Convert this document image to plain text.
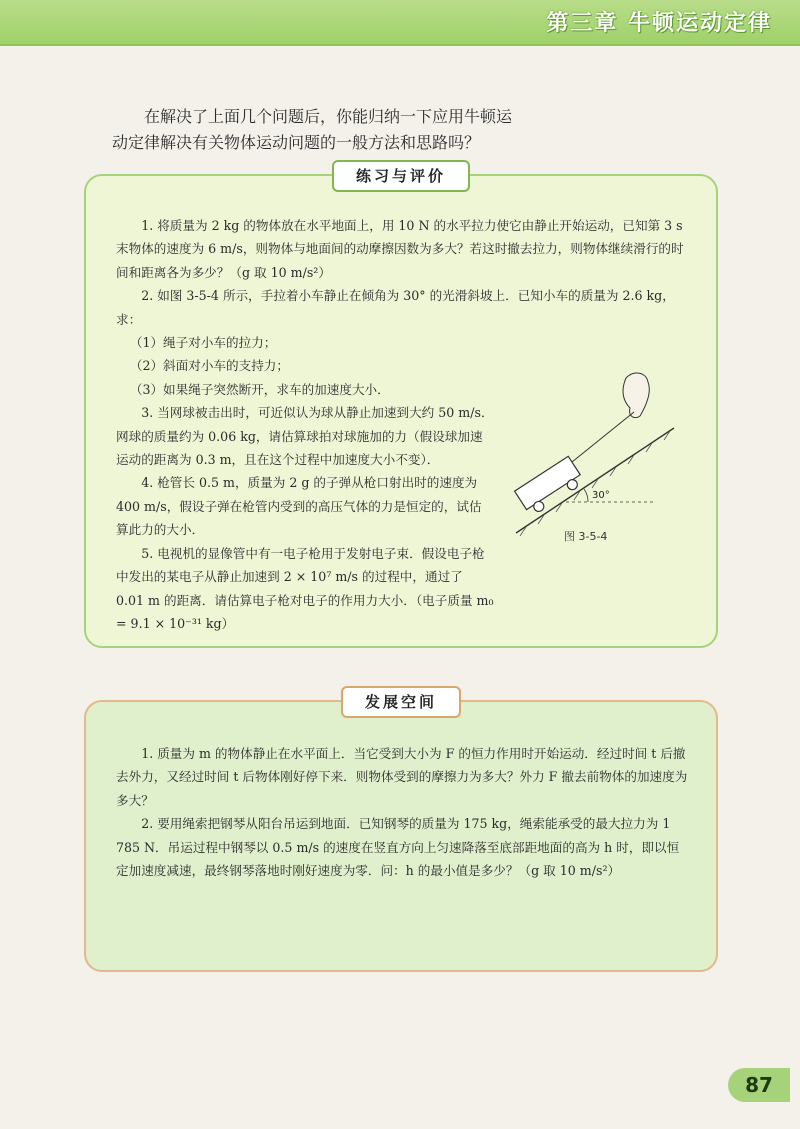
第三章 牛顿运动定律

在解决了上面几个问题后，你能归纳一下应用牛顿运

动定律解决有关物体运动问题的一般方法和思路吗？
练习与评价

1. 将质量为 2 kg 的物体放在水平地面上，用 10 N 的水平拉力使它由静止开始运动，已知第 3 s 末物体的速度为 6 m/s，则物体与地面间的动摩擦因数为多大？若这时撤去拉力，则物体继续滑行的时间和距离各为多少？（g 取 10 m/s²）

2. 如图 3-5-4 所示，手拉着小车静止在倾角为 30° 的光滑斜坡上．已知小车的质量为 2.6 kg，求：

（1）绳子对小车的拉力；

（2）斜面对小车的支持力；

（3）如果绳子突然断开，求车的加速度大小．

3. 当网球被击出时，可近似认为球从静止加速到大约 50 m/s．网球的质量约为 0.06 kg，请估算球拍对球施加的力（假设球加速运动的距离为 0.3 m，且在这个过程中加速度大小不变）．

4. 枪管长 0.5 m，质量为 2 g 的子弹从枪口射出时的速度为400 m/s，假设子弹在枪管内受到的高压气体的力是恒定的，试估算此力的大小．

5. 电视机的显像管中有一电子枪用于发射电子束．假设电子枪中发出的某电子从静止加速到 2 × 10⁷ m/s 的过程中，通过了 0.01 m 的距离．请估算电子枪对电子的作用力大小．（电子质量 m₀ = 9.1 × 10⁻³¹ kg）

30°
图 3-5-4
发展空间

1. 质量为 m 的物体静止在水平面上．当它受到大小为 F 的恒力作用时开始运动．经过时间 t 后撤去外力，又经过时间 t 后物体刚好停下来．则物体受到的摩擦力为多大？外力 F 撤去前物体的加速度为多大？

2. 要用绳索把钢琴从阳台吊运到地面．已知钢琴的质量为 175 kg，绳索能承受的最大拉力为 1 785 N．吊运过程中钢琴以 0.5 m/s 的速度在竖直方向上匀速降落至底部距地面的高为 h 时，即以恒定加速度减速，最终钢琴落地时刚好速度为零．问：h 的最小值是多少？（g 取 10 m/s²）

87
